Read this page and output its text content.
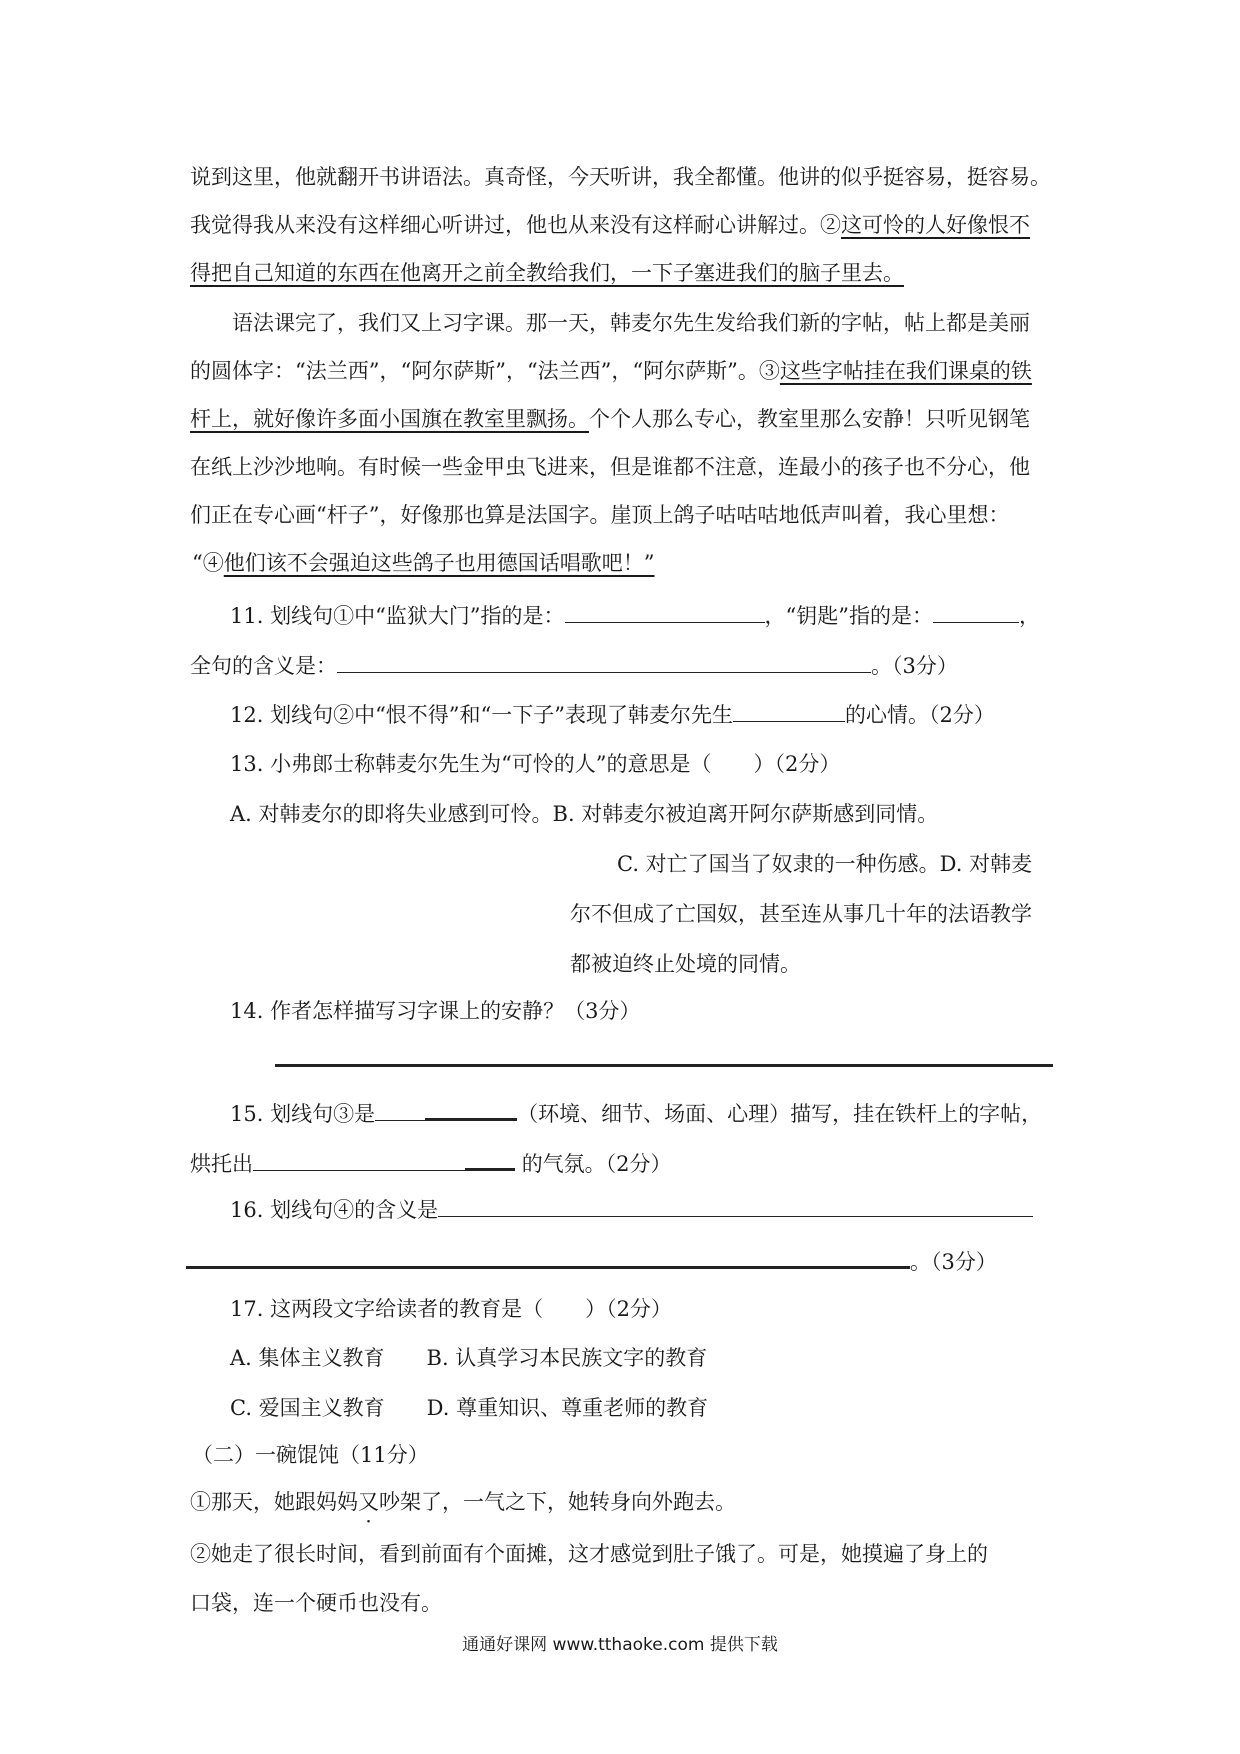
说到这里，他就翻开书讲语法。真奇怪，今天听讲，我全都懂。他讲的似乎挺容易，挺容易。

我觉得我从来没有这样细心听讲过，他也从来没有这样耐心讲解过。②这可怜的人好像恨不

得把自己知道的东西在他离开之前全教给我们，一下子塞进我们的脑子里去。

语法课完了，我们又上习字课。那一天，韩麦尔先生发给我们新的字帖，帖上都是美丽

的圆体字：“法兰西”，“阿尔萨斯”，“法兰西”，“阿尔萨斯”。③这些字帖挂在我们课桌的铁

杆上，就好像许多面小国旗在教室里飘扬。个个人那么专心，教室里那么安静！只听见钢笔

在纸上沙沙地响。有时候一些金甲虫飞进来，但是谁都不注意，连最小的孩子也不分心，他

们正在专心画“杆子”，好像那也算是法国字。崖顶上鸽子咕咕咕地低声叫着，我心里想：

“④他们该不会强迫这些鸽子也用德国话唱歌吧！”

11. 划线句①中“监狱大门”指的是：	，“钥匙”指的是：	，

全句的含义是：	。（3分）

12. 划线句②中“恨不得”和“一下子”表现了韩麦尔先生	的心情。（2分）

13. 小弗郎士称韩麦尔先生为“可怜的人”的意思是（　　）（2分）

A. 对韩麦尔的即将失业感到可怜。B. 对韩麦尔被迫离开阿尔萨斯感到同情。

C. 对亡了国当了奴隶的一种伤感。D. 对韩麦

尔不但成了亡国奴，甚至连从事几十年的法语教学

都被迫终止处境的同情。

14. 作者怎样描写习字课上的安静？（3分）

15. 划线句③是	（环境、细节、场面、心理）描写，挂在铁杆上的字帖，

烘托出	的气氛。（2分）

16. 划线句④的含义是

。（3分）

17. 这两段文字给读者的教育是（　　）（2分）

A. 集体主义教育　　B. 认真学习本民族文字的教育

C. 爱国主义教育　　D. 尊重知识、尊重老师的教育

（二）一碗馄饨（11分）

①那天，她跟妈妈又吵架了，一气之下，她转身向外跑去。

②她走了很长时间，看到前面有个面摊，这才感觉到肚子饿了。可是，她摸遍了身上的

口袋，连一个硬币也没有。

通通好课网 www.tthaoke.com 提供下载
